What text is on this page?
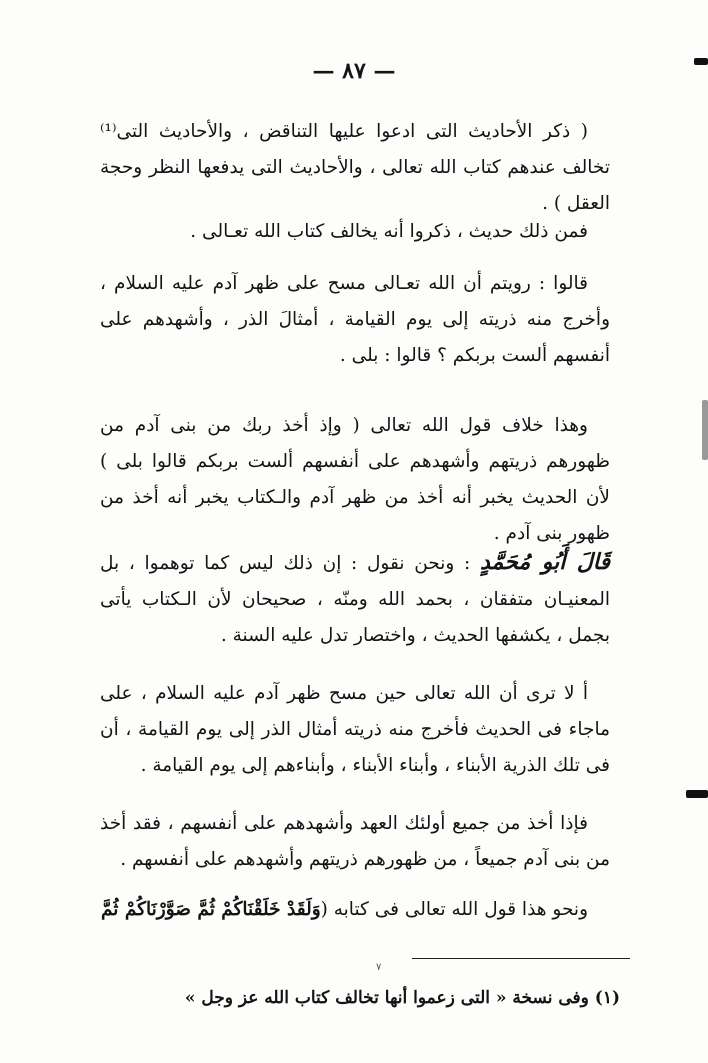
— ٨٧ —

( ذكر الأحاديث التى ادعوا عليها التناقض ، والأحاديث التى⁽¹⁾ تخالف عندهم كتاب الله تعالى ، والأحاديث التى يدفعها النظر وحجة العقل ) .

فمن ذلك حديث ، ذكروا أنه يخالف كتاب الله تعـالى .

قالوا : رويتم أن الله تعـالى مسح على ظهر آدم عليه السلام ، وأخرج منه ذريته إلى يوم القيامة ، أمثالَ الذر ، وأشهدهم على أنفسهم ألست بربكم ؟ قالوا : بلى .

وهذا خلاف قول الله تعالى ( وإذ أخذ ربك من بنى آدم من ظهورهم ذريتهم وأشهدهم على أنفسهم ألست بربكم قالوا بلى ) لأن الحديث يخبر أنه أخذ من ظهر آدم والـكتاب يخبر أنه أخذ من ظهور بنى آدم .

قَالَ أَبُو مُحَمَّدٍ : ونحن نقول : إن ذلك ليس كما توهموا ، بل المعنيـان متفقان ، بحمد الله ومنّه ، صحيحان لأن الـكتاب يأتى بجمل ، يكشفها الحديث ، واختصار تدل عليه السنة .

أ لا ترى أن الله تعالى حين مسح ظهر آدم عليه السلام ، على ماجاء فى الحديث فأخرج منه ذريته أمثال الذر إلى يوم القيامة ، أن فى تلك الذرية الأبناء ، وأبناء الأبناء ، وأبناءهم إلى يوم القيامة .

فإذا أخذ من جميع أولئك العهد وأشهدهم على أنفسهم ، فقد أخذ من بنى آدم جميعاً ، من ظهورهم ذريتهم وأشهدهم على أنفسهم .

ونحو هذا قول الله تعالى فى كتابه (وَلَقَدْ خَلَقْنَاكُمْ ثُمَّ صَوَّرْنَاكُمْ ثُمَّ

٧
(١) وفى نسخة « التى زعموا أنها تخالف كتاب الله عز وجل »
